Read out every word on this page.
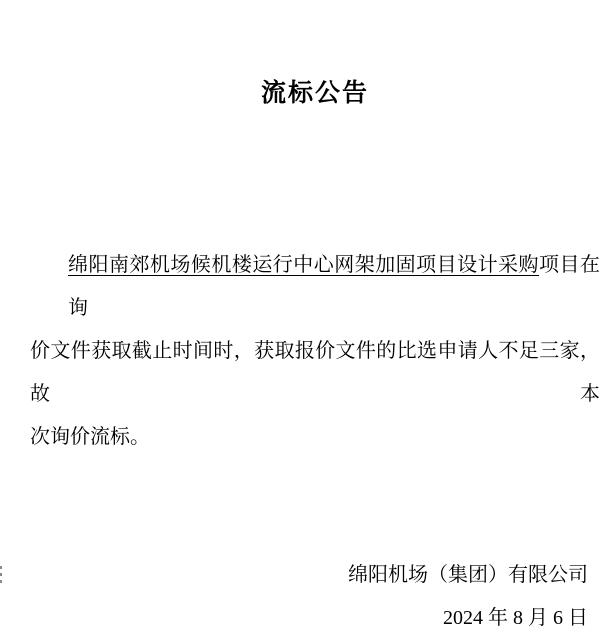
流标公告

绵阳南郊机场候机楼运行中心网架加固项目设计采购项目在询

价文件获取截止时间时，获取报价文件的比选申请人不足三家，故本

次询价流标。

绵阳机场（集团）有限公司
2024 年 8 月 6 日
